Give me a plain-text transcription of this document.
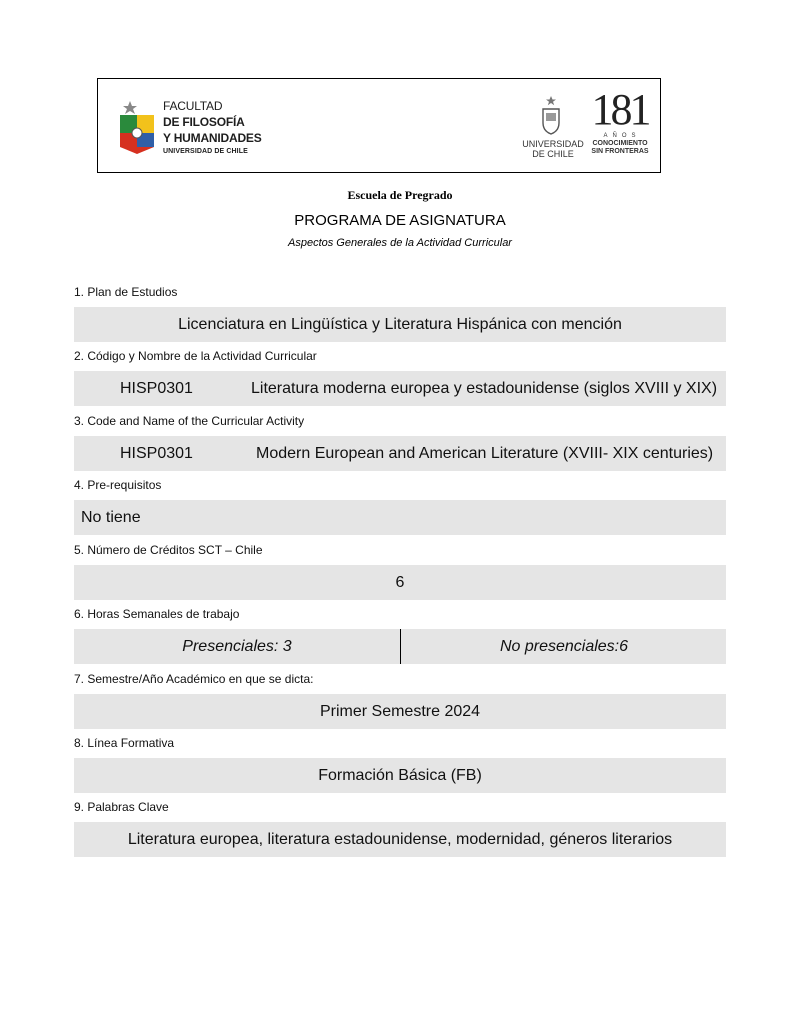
FACULTAD
DE FILOSOFÍA
Y HUMANIDADES
UNIVERSIDAD DE CHILE
UNIVERSIDAD
DE CHILE
181
AÑOS
CONOCIMIENTO
SIN FRONTERAS
Escuela de Pregrado
PROGRAMA DE ASIGNATURA
Aspectos Generales de la Actividad Curricular
1. Plan de Estudios
Licenciatura en Lingüística y Literatura Hispánica con mención
2. Código y Nombre de la Actividad Curricular
HISP0301	Literatura moderna europea y estadounidense (siglos XVIII y XIX)
3. Code and Name of the Curricular Activity
HISP0301	Modern European and American Literature (XVIII- XIX centuries)
4. Pre-requisitos
No tiene
5. Número de Créditos SCT – Chile
6
6. Horas Semanales de trabajo
Presenciales: 3	No presenciales:6
7. Semestre/Año Académico en que se dicta:
Primer Semestre 2024
8. Línea Formativa
Formación Básica (FB)
9. Palabras Clave
Literatura europea, literatura estadounidense, modernidad, géneros literarios
